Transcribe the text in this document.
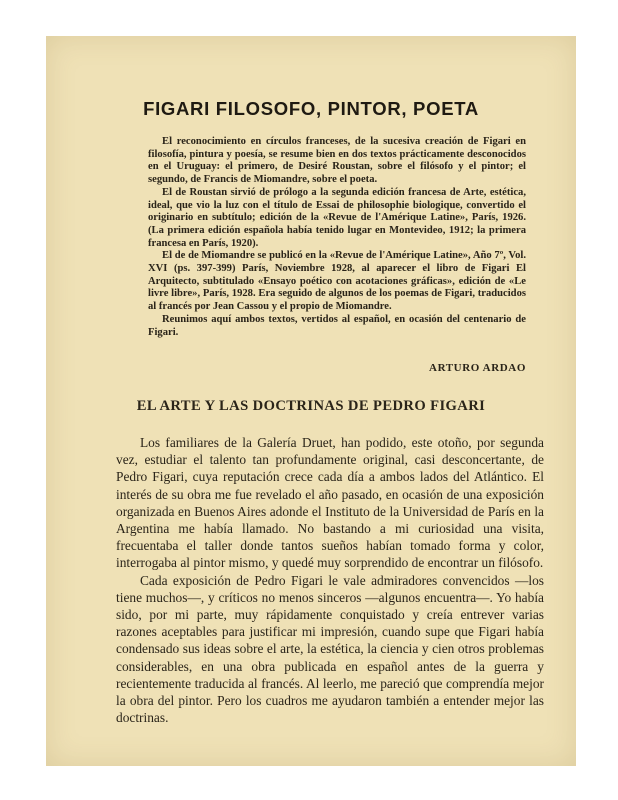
FIGARI FILOSOFO, PINTOR, POETA

El reconocimiento en círculos franceses, de la sucesiva creación de Figari en filosofía, pintura y poesía, se resume bien en dos textos prácticamente desconocidos en el Uruguay: el primero, de Desiré Roustan, sobre el filósofo y el pintor; el segundo, de Francis de Miomandre, sobre el poeta.

El de Roustan sirvió de prólogo a la segunda edición francesa de Arte, estética, ideal, que vio la luz con el título de Essai de philosophie biologique, convertido el originario en subtítulo; edición de la «Revue de l'Amérique Latine», París, 1926. (La primera edición española había tenido lugar en Montevideo, 1912; la primera francesa en París, 1920).

El de de Miomandre se publicó en la «Revue de l'Amérique Latine», Año 7º, Vol. XVI (ps. 397-399) París, Noviembre 1928, al aparecer el libro de Figari El Arquitecto, subtitulado «Ensayo poético con acotaciones gráficas», edición de «Le livre libre», París, 1928. Era seguido de algunos de los poemas de Figari, traducidos al francés por Jean Cassou y el propio de Miomandre.

Reunimos aquí ambos textos, vertidos al español, en ocasión del centenario de Figari.

ARTURO ARDAO
EL ARTE Y LAS DOCTRINAS DE PEDRO FIGARI

Los familiares de la Galería Druet, han podido, este otoño, por segunda vez, estudiar el talento tan profundamente original, casi desconcertante, de Pedro Figari, cuya reputación crece cada día a ambos lados del Atlántico. El interés de su obra me fue revelado el año pasado, en ocasión de una exposición organizada en Buenos Aires adonde el Instituto de la Universidad de París en la Argentina me había llamado. No bastando a mi curiosidad una visita, frecuentaba el taller donde tantos sueños habían tomado forma y color, interrogaba al pintor mismo, y quedé muy sorprendido de encontrar un filósofo.

Cada exposición de Pedro Figari le vale admiradores convencidos —los tiene muchos—, y críticos no menos sinceros —algunos encuentra—. Yo había sido, por mi parte, muy rápidamente conquistado y creía entrever varias razones aceptables para justificar mi impresión, cuando supe que Figari había condensado sus ideas sobre el arte, la estética, la ciencia y cien otros problemas considerables, en una obra publicada en español antes de la guerra y recientemente traducida al francés. Al leerlo, me pareció que comprendía mejor la obra del pintor. Pero los cuadros me ayudaron también a entender mejor las doctrinas.
